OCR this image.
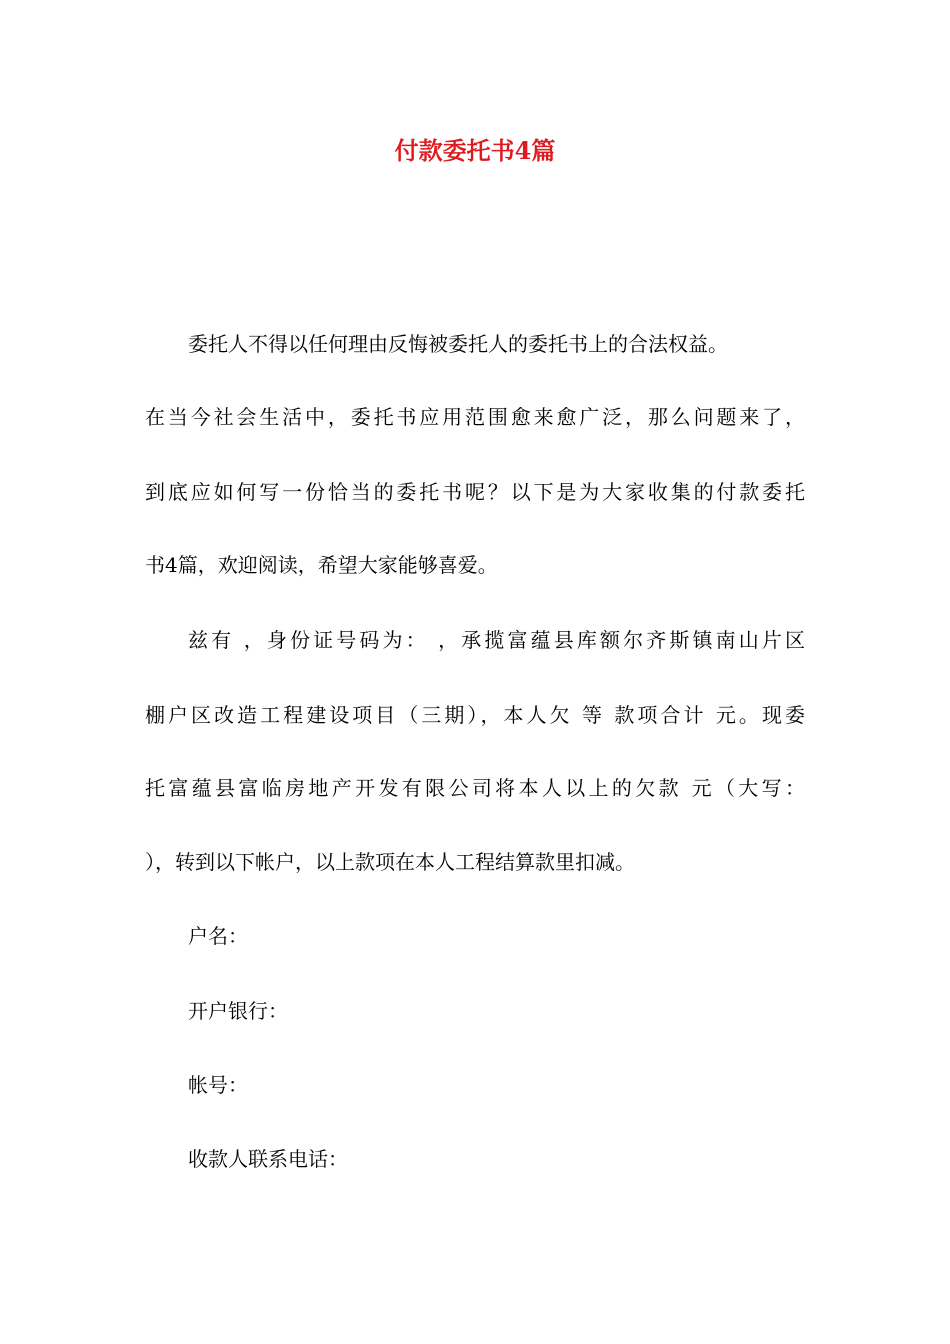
付款委托书4篇

委托人不得以任何理由反悔被委托人的委托书上的合法权益。

在当今社会生活中，委托书应用范围愈来愈广泛，那么问题来了，

到底应如何写一份恰当的委托书呢？以下是为大家收集的付款委托

书4篇，欢迎阅读，希望大家能够喜爱。

兹有 ，身份证号码为： ，承揽富蕴县库额尔齐斯镇南山片区

棚户区改造工程建设项目（三期），本人欠 等 款项合计 元。现委

托富蕴县富临房地产开发有限公司将本人以上的欠款 元（大写：

），转到以下帐户，以上款项在本人工程结算款里扣减。

户名：

开户银行：

帐号：

收款人联系电话：
